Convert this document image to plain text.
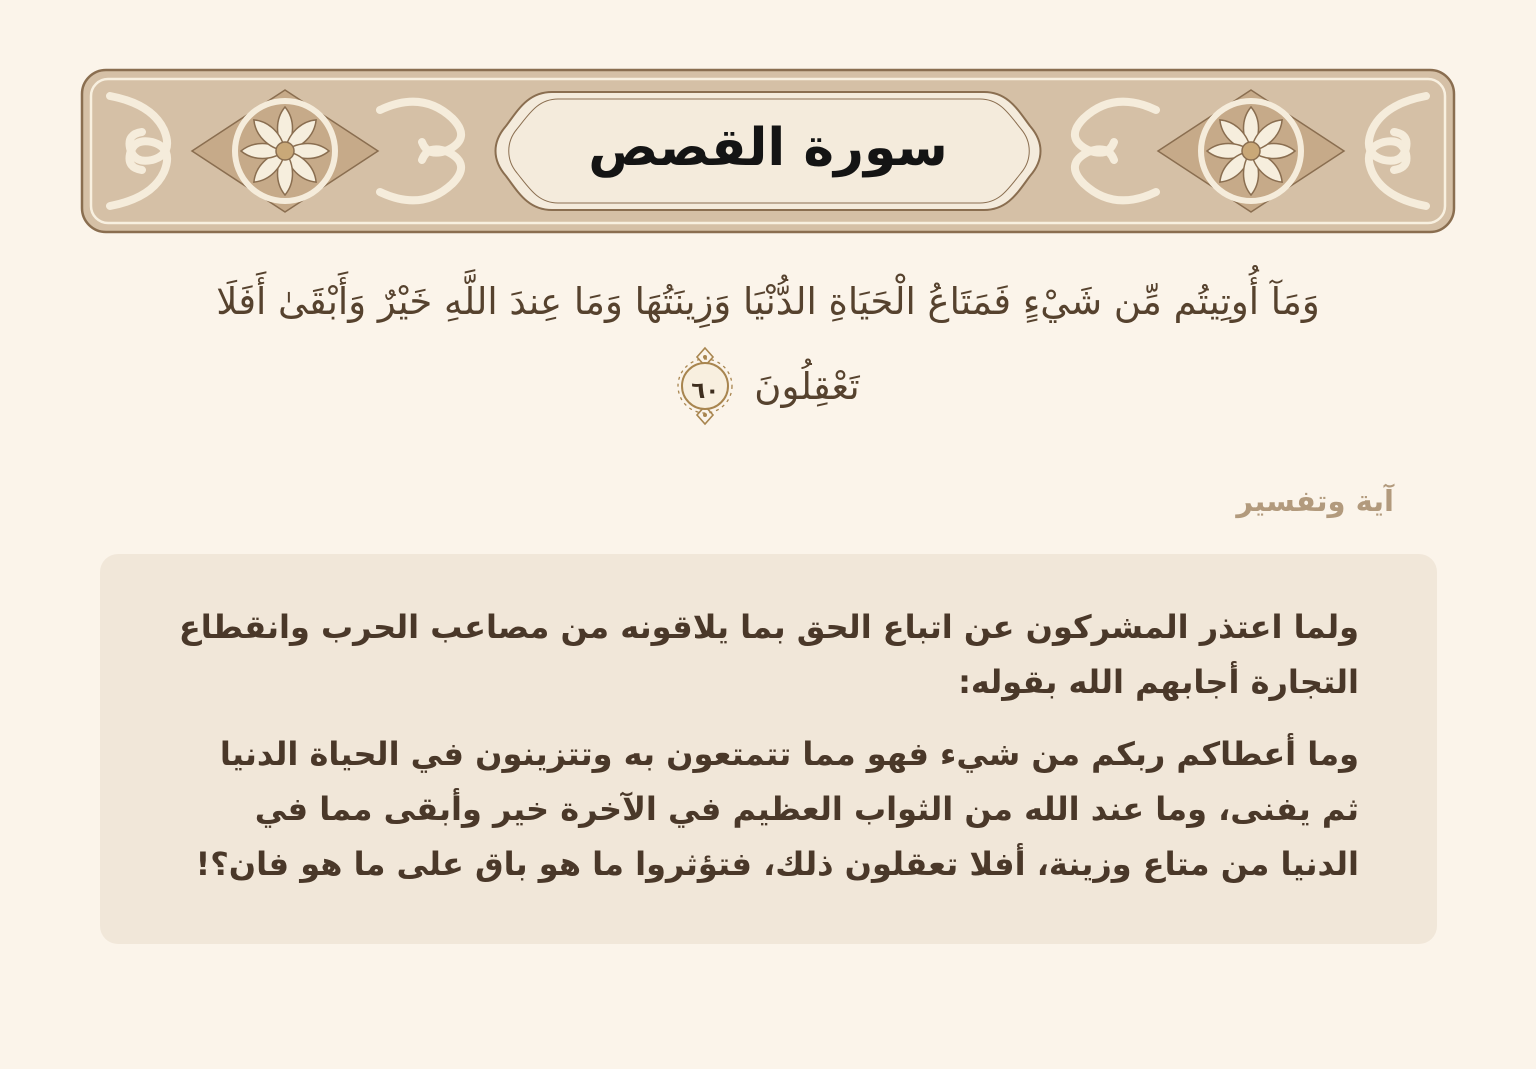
سورة القصص
وَمَآ أُوتِيتُم مِّن شَيْءٍ فَمَتَاعُ الْحَيَاةِ الدُّنْيَا وَزِينَتُهَا وَمَا عِندَ اللَّهِ خَيْرٌ وَأَبْقَىٰ أَفَلَا
تَعْقِلُونَ
٦٠
آية وتفسير

ولما اعتذر المشركون عن اتباع الحق بما يلاقونه من مصاعب الحرب وانقطاع التجارة أجابهم الله بقوله:

وما أعطاكم ربكم من شيء فهو مما تتمتعون به وتتزينون في الحياة الدنيا ثم يفنى، وما عند الله من الثواب العظيم في الآخرة خير وأبقى مما في الدنيا من متاع وزينة، أفلا تعقلون ذلك، فتؤثروا ما هو باق على ما هو فان؟!
